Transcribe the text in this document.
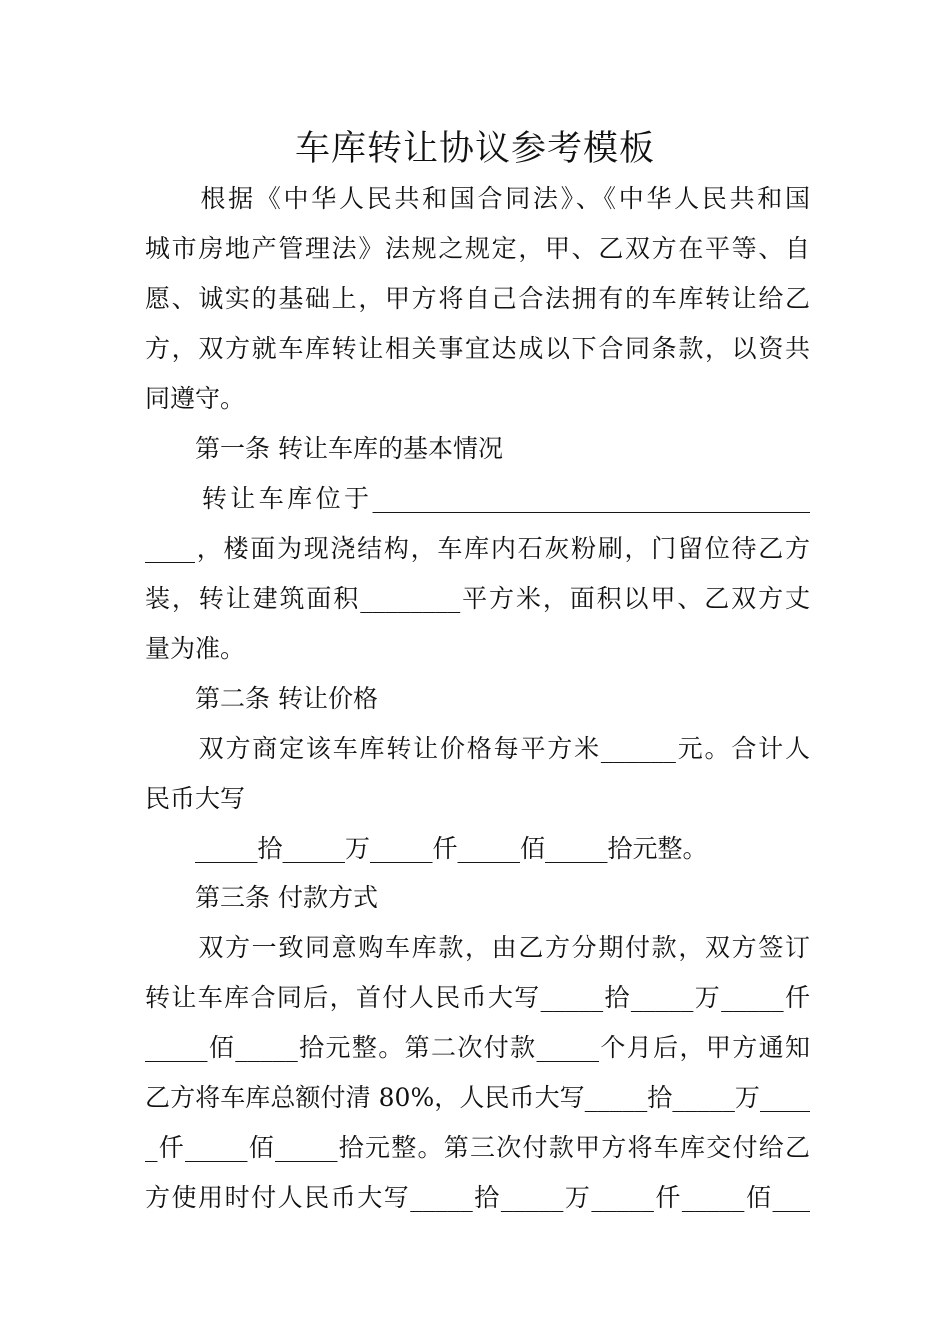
车库转让协议参考模板
　　根据《中华人民共和国合同法》、《中华人民共和国
城市房地产管理法》法规之规定，甲、乙双方在平等、自
愿、诚实的基础上，甲方将自己合法拥有的车库转让给乙
方，双方就车库转让相关事宜达成以下合同条款，以资共
同遵守。
　　第一条 转让车库的基本情况
　　转让车库位于___________________________________
____，楼面为现浇结构，车库内石灰粉刷，门留位待乙方
装，转让建筑面积________平方米，面积以甲、乙双方丈
量为准。
　　第二条 转让价格
　　双方商定该车库转让价格每平方米______元。合计人
民币大写
　　_____拾_____万_____仟_____佰_____拾元整。
　　第三条 付款方式
　　双方一致同意购车库款，由乙方分期付款，双方签订
转让车库合同后，首付人民币大写_____拾_____万_____仟
_____佰_____拾元整。第二次付款_____个月后，甲方通知
乙方将车库总额付清 80%，人民币大写_____拾_____万____
_仟_____佰_____拾元整。第三次付款甲方将车库交付给乙
方使用时付人民币大写_____拾_____万_____仟_____佰___
